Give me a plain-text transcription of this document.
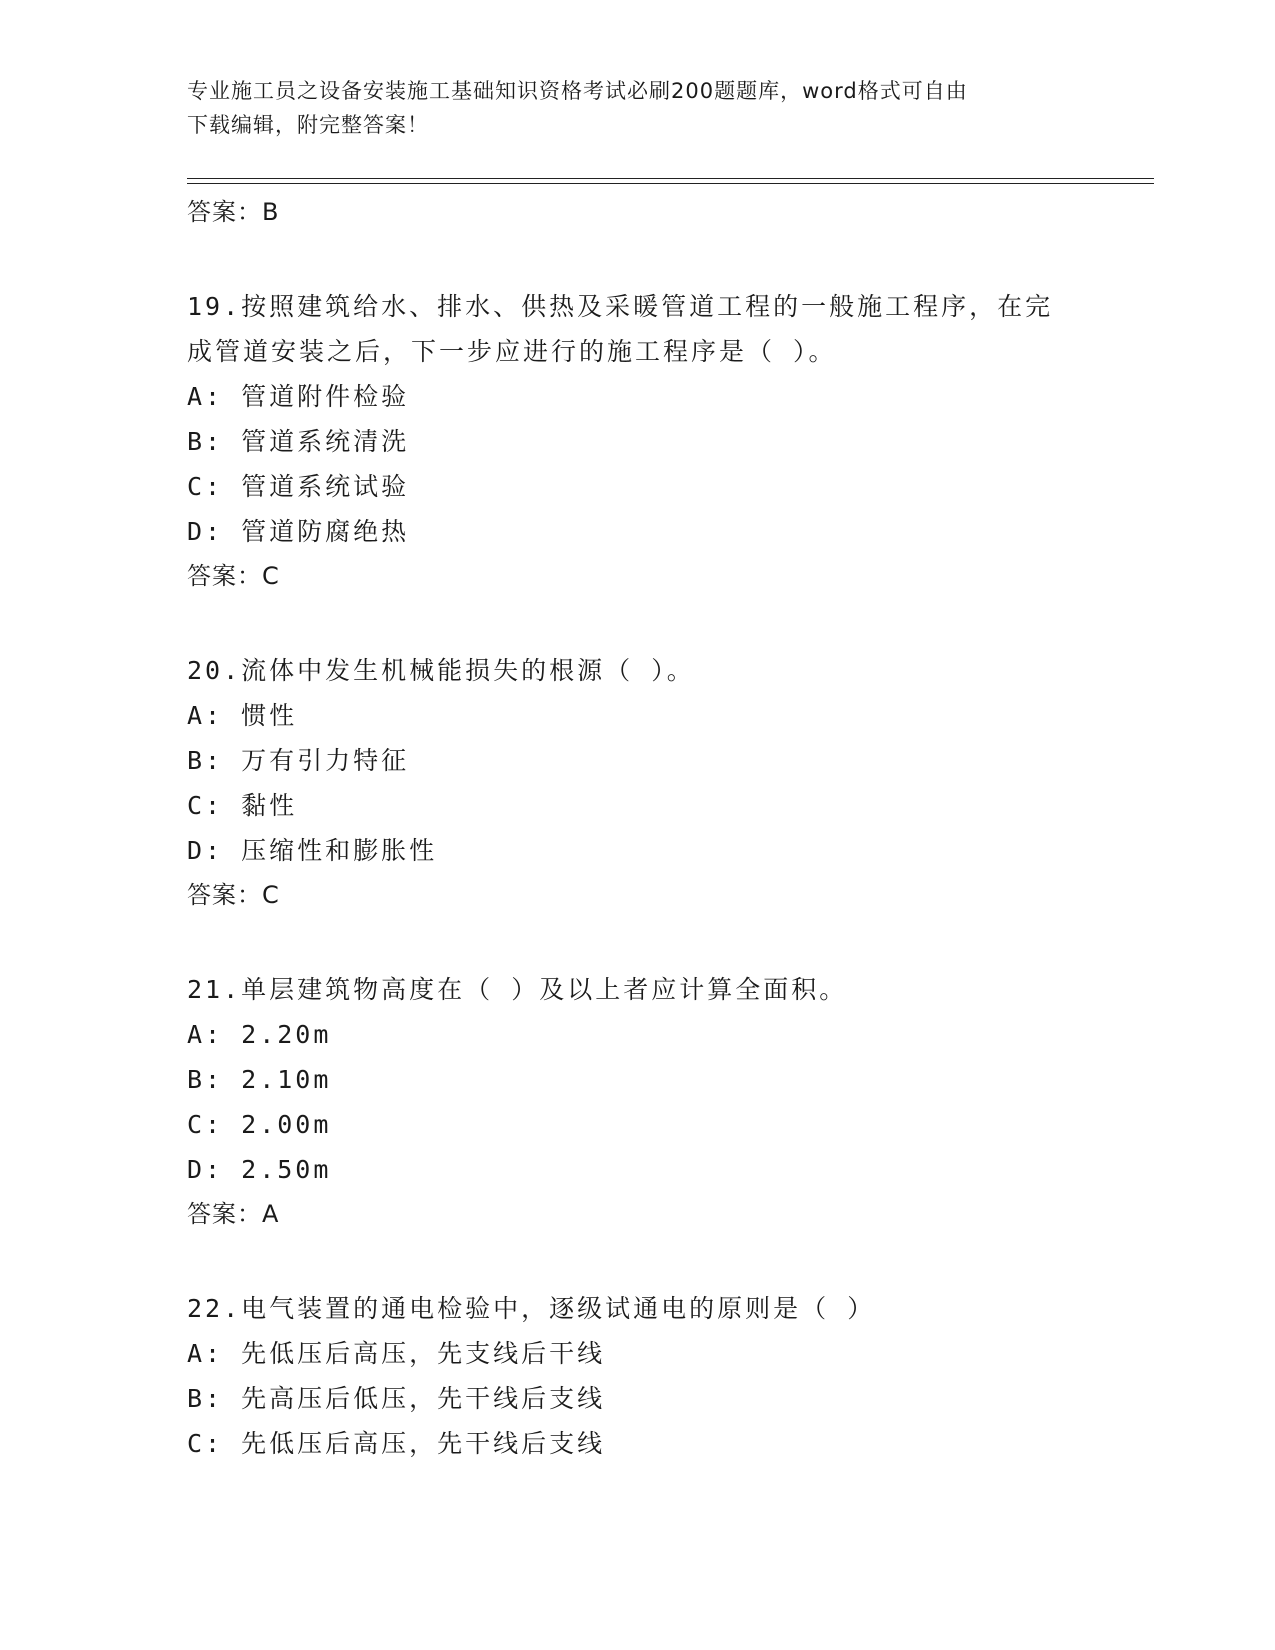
专业施工员之设备安装施工基础知识资格考试必刷200题题库，word格式可自由
下载编辑，附完整答案！
答案：B
19.按照建筑给水、排水、供热及采暖管道工程的一般施工程序，在完
成管道安装之后，下一步应进行的施工程序是（ ）。
A: 管道附件检验
B: 管道系统清洗
C: 管道系统试验
D: 管道防腐绝热
答案：C
20.流体中发生机械能损失的根源（ ）。
A: 惯性
B: 万有引力特征
C: 黏性
D: 压缩性和膨胀性
答案：C
21.单层建筑物高度在（ ）及以上者应计算全面积。
A: 2.20m
B: 2.10m
C: 2.00m
D: 2.50m
答案：A
22.电气装置的通电检验中，逐级试通电的原则是（ ）
A: 先低压后高压，先支线后干线
B: 先高压后低压，先干线后支线
C: 先低压后高压，先干线后支线
